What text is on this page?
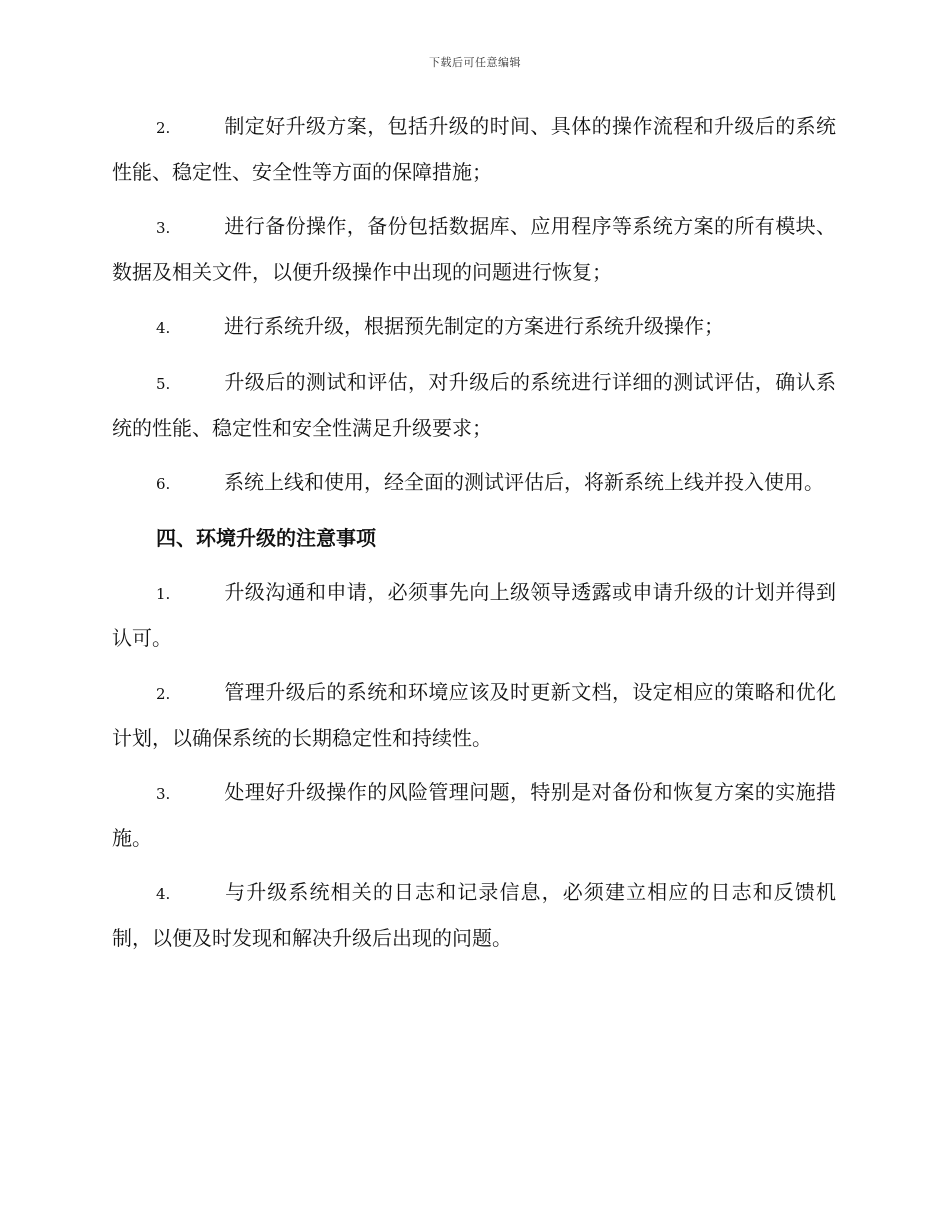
下载后可任意编辑

2.	制定好升级方案，包括升级的时间、具体的操作流程和升级后的系统性能、稳定性、安全性等方面的保障措施；

3.	进行备份操作，备份包括数据库、应用程序等系统方案的所有模块、数据及相关文件，以便升级操作中出现的问题进行恢复；

4.	进行系统升级，根据预先制定的方案进行系统升级操作；

5.	升级后的测试和评估，对升级后的系统进行详细的测试评估，确认系统的性能、稳定性和安全性满足升级要求；

6.	系统上线和使用，经全面的测试评估后，将新系统上线并投入使用。

四、环境升级的注意事项

1.	升级沟通和申请，必须事先向上级领导透露或申请升级的计划并得到认可。

2.	管理升级后的系统和环境应该及时更新文档，设定相应的策略和优化计划，以确保系统的长期稳定性和持续性。

3.	处理好升级操作的风险管理问题，特别是对备份和恢复方案的实施措施。

4.	与升级系统相关的日志和记录信息，必须建立相应的日志和反馈机制，以便及时发现和解决升级后出现的问题。
